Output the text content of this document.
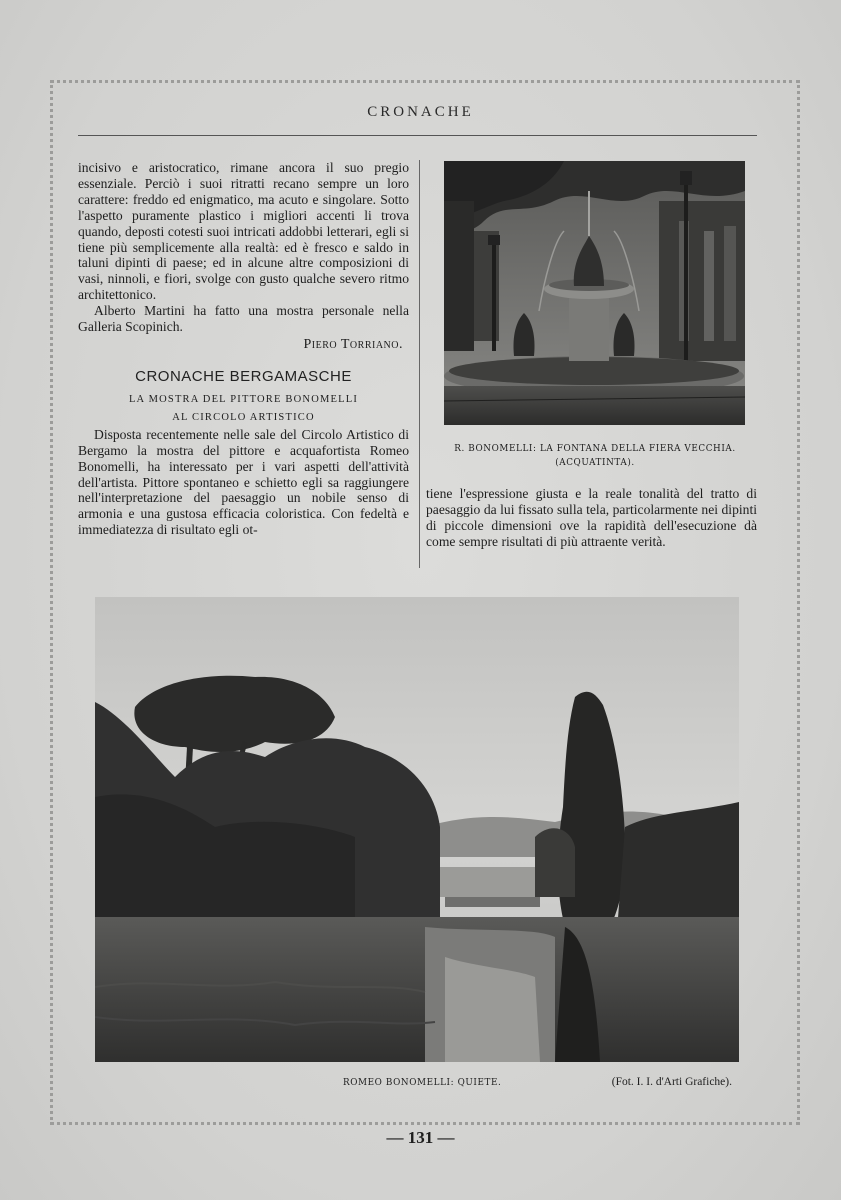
CRONACHE

incisivo e aristocratico, rimane ancora il suo pregio essenziale. Perciò i suoi ritratti recano sempre un loro carattere: freddo ed enigmatico, ma acuto e singolare. Sotto l'aspetto puramente plastico i migliori accenti li trova quando, deposti cotesti suoi intricati addobbi letterari, egli si tiene più semplicemente alla realtà: ed è fresco e saldo in taluni dipinti di paese; ed in alcune altre composizioni di vasi, ninnoli, e fiori, svolge con gusto qualche severo ritmo architettonico.

Alberto Martini ha fatto una mostra personale nella Galleria Scopinich.

Piero Torriano.
CRONACHE BERGAMASCHE
LA MOSTRA DEL PITTORE BONOMELLI
AL CIRCOLO ARTISTICO

Disposta recentemente nelle sale del Circolo Artistico di Bergamo la mostra del pittore e acquafortista Romeo Bonomelli, ha interessato per i vari aspetti dell'attività dell'artista. Pittore spontaneo e schietto egli sa raggiungere nell'interpretazione del paesaggio un nobile senso di armonia e una gustosa efficacia coloristica. Con fedeltà e immediatezza di risultato egli ot-

R. BONOMELLI: LA FONTANA DELLA FIERA VECCHIA.
(ACQUATINTA).
tiene l'espressione giusta e la reale tonalità del tratto di paesaggio da lui fissato sulla tela, particolarmente nei dipinti di piccole dimensioni ove la rapidità dell'esecuzione dà come sempre risultati di più attraente verità.
ROMEO BONOMELLI: QUIETE.	(Fot. I. I. d'Arti Grafiche).
— 131 —
